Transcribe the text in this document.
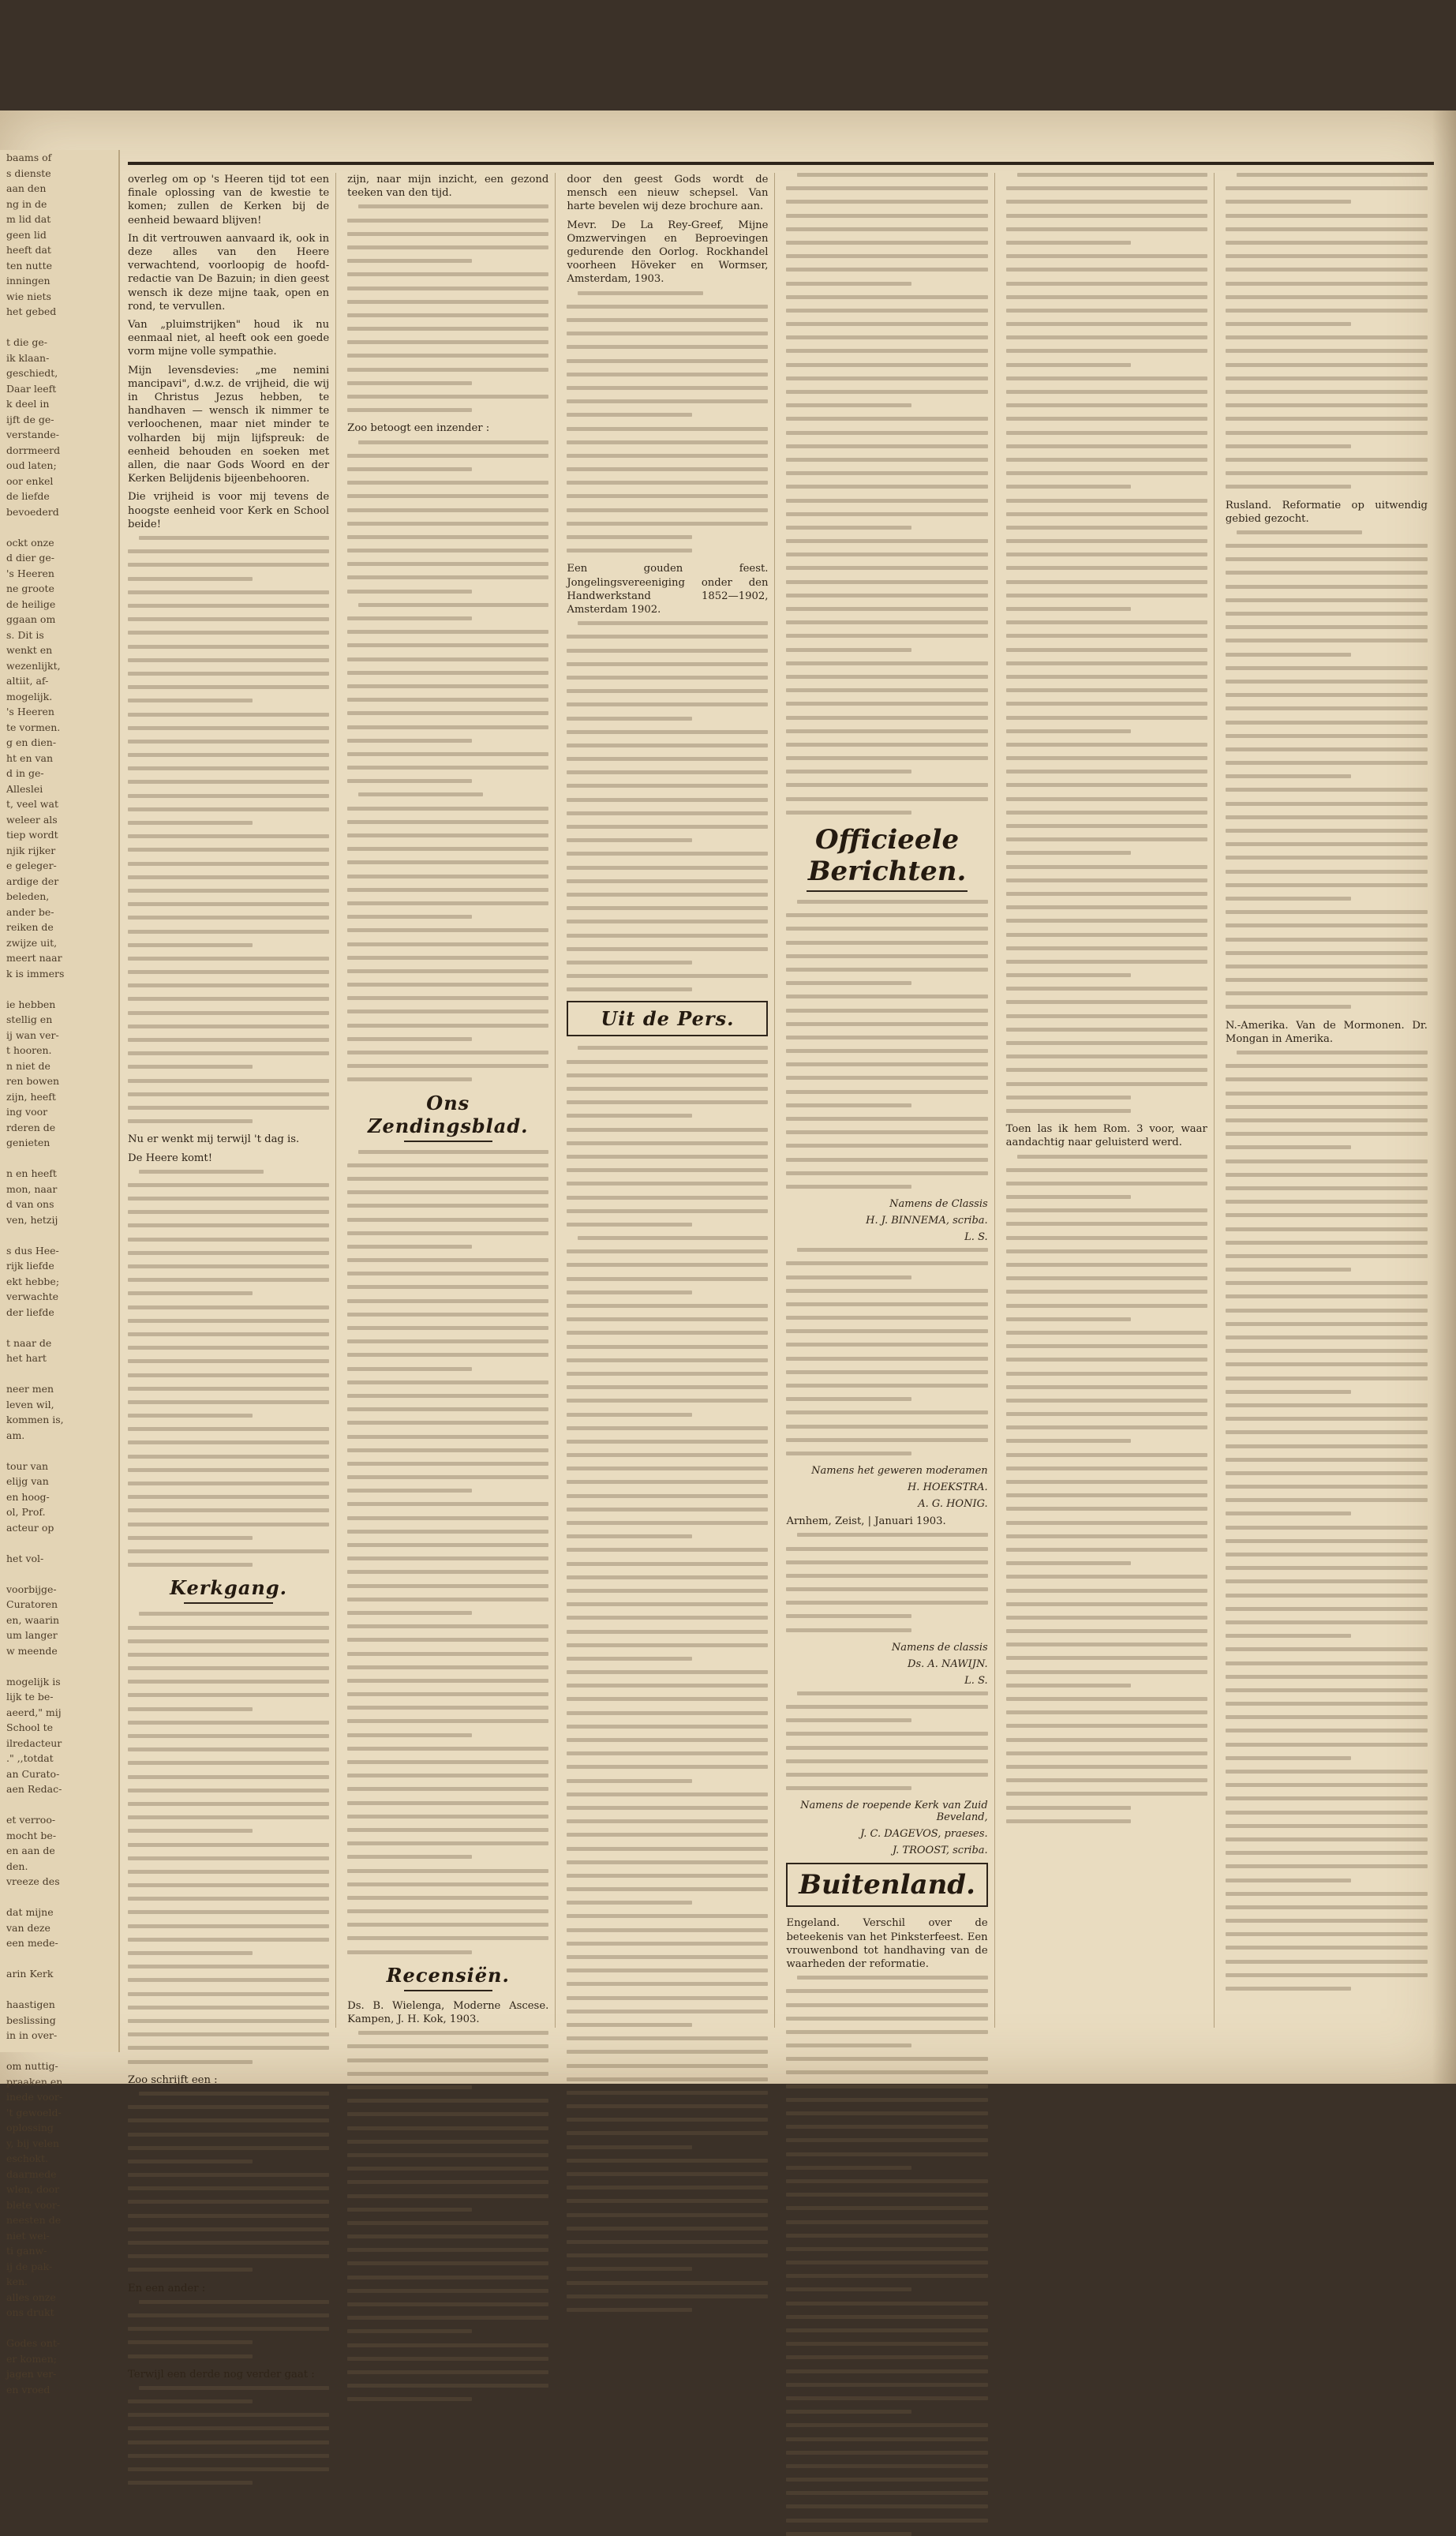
baams of
s dienste
aan den
ng in de
m lid dat
geen lid
heeft dat
ten nutte
inningen
wie niets
het gebed

t die ge-
ik klaan-
geschiedt,
Daar leeft
k deel in
ijft de ge-
verstande-
dorrmeerd
oud laten;
oor enkel
de liefde
bevoederd

ockt onze
d dier ge-
's Heeren
ne groote
de heilige
ggaan om
s. Dit is
wenkt en
wezenlijkt,
altiit, af-
mogelijk.
's Heeren
te vormen.
g en dien-
ht en van
d in ge-
Alleslei
t, veel wat
weleer als
tiep wordt
njik rijker
e geleger-
ardige der
beleden,
ander be-
reiken de
zwijze uit,
meert naar
k is immers

ie hebben
stellig en
ij wan ver-
t hooren.
n niet de
ren bowen
zijn, heeft
ing voor
rderen de
genieten

n en heeft
mon, naar
d van ons
ven, hetzij

s dus Hee-
rijk liefde
ekt hebbe;
verwachte
der liefde

t naar de
het hart

neer men
leven wil,
kommen is,
am.

tour van
elijg van
en hoog-
ol, Prof.
acteur op

het vol-

voorbijge-
Curatoren
en, waarin
um langer
w meende

mogelijk is
lijk te be-
aeerd," mij
School te
ilredacteur
." ,,totdat
an Curato-
aen Redac-

et verroo-
mocht be-
en aan de
den.
vreeze des

dat mijne
van deze
een mede-

arin Kerk

haastigen
beslissing
in in over-

om nuttig-
praaken en
inede voor-
't gewoeld-
oplossing
y, bij velen
eschokt.
daarmede
wlen, door
blete voor-
neesten de
niet wei-
ti ganw-
ij de pak-
ken.
alles onze
ons drukt

Godes ont-
er komen;
jagen ver-
en vroed

overleg om op 's Heeren tijd tot een finale oplossing van de kwestie te komen; zullen de Kerken bij de eenheid bewaard blijven!

In dit vertrouwen aanvaard ik, ook in deze alles van den Heere verwachtend, voorloopig de hoofd-redactie van De Bazuin; in dien geest wensch ik deze mijne taak, open en rond, te vervullen.

Van „pluimstrijken" houd ik nu eenmaal niet, al heeft ook een goede vorm mijne volle sympathie.

Mijn levensdevies: „me nemini mancipavi", d.w.z. de vrijheid, die wij in Christus Jezus hebben, te handhaven — wensch ik nimmer te verloochenen, maar niet minder te volharden bij mijn lijfspreuk: de eenheid behouden en soeken met allen, die naar Gods Woord en der Kerken Belijdenis bijeenbehooren.

Die vrijheid is voor mij tevens de hoogste eenheid voor Kerk en School beide!

Nu er wenkt mij terwijl 't dag is.

De Heere komt!

Kerkgang.

Zoo schrijft een :

En een ander :

Terwijl een derde nog verder gaat :

zijn, naar mijn inzicht, een gezond teeken van den tijd.

Zoo betoogt een inzender :

Ons Zendingsblad.
Recensiën.

Ds. B. Wielenga, Moderne Ascese. Kampen, J. H. Kok, 1903.

door den geest Gods wordt de mensch een nieuw schepsel. Van harte bevelen wij deze brochure aan.

Mevr. De La Rey-Greef, Mijne Omzwervingen en Beproevingen gedurende den Oorlog. Rockhandel voorheen Höveker en Wormser, Amsterdam, 1903.

Een gouden feest. Jongelingsvereeniging onder den Handwerkstand 1852—1902, Amsterdam 1902.

Uit de Pers.
Officieele Berichten.
Namens de Classis
H. J. BINNEMA, scriba.
L. S.
Namens het geweren moderamen
H. HOEKSTRA.
A. G. HONIG.

Arnhem, Zeist, | Januari 1903.

Namens de classis
Ds. A. NAWIJN.
L. S.
Namens de roepende Kerk van Zuid Beveland,
J. C. DAGEVOS, praeses.
J. TROOST, scriba.
Buitenland.

Engeland. Verschil over de beteekenis van het Pinksterfeest. Een vrouwenbond tot handhaving van de waarheden der reformatie.

Toen las ik hem Rom. 3 voor, waar aandachtig naar geluisterd werd.

Rusland. Reformatie op uitwendig gebied gezocht.

N.-Amerika. Van de Mormonen. Dr. Mongan in Amerika.
